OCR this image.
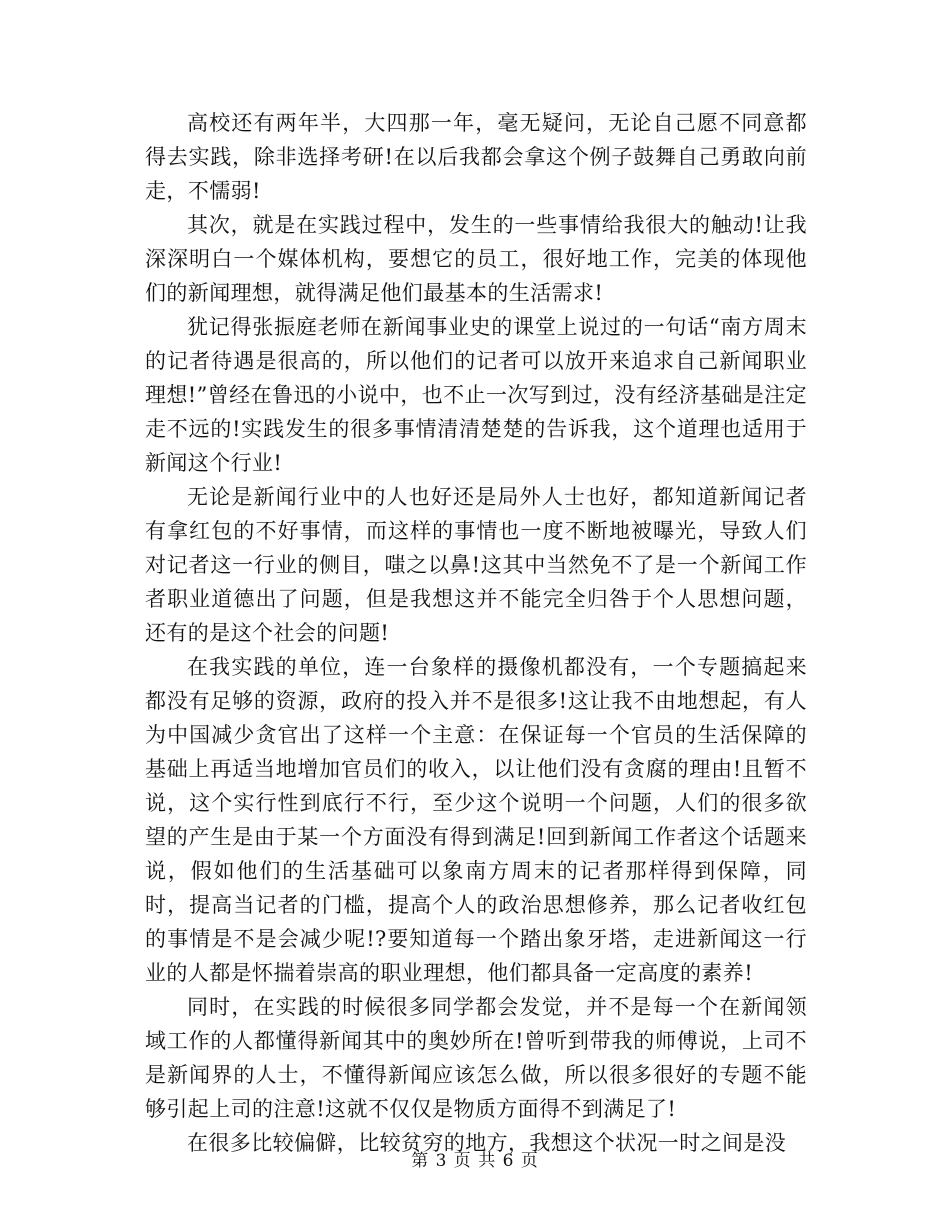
高校还有两年半，大四那一年，毫无疑问，无论自己愿不同意都得去实践，除非选择考研!在以后我都会拿这个例子鼓舞自己勇敢向前走，不懦弱!

其次，就是在实践过程中，发生的一些事情给我很大的触动!让我深深明白一个媒体机构，要想它的员工，很好地工作，完美的体现他们的新闻理想，就得满足他们最基本的生活需求!

犹记得张振庭老师在新闻事业史的课堂上说过的一句话“南方周末的记者待遇是很高的，所以他们的记者可以放开来追求自己新闻职业理想!”曾经在鲁迅的小说中，也不止一次写到过，没有经济基础是注定走不远的!实践发生的很多事情清清楚楚的告诉我，这个道理也适用于新闻这个行业!

无论是新闻行业中的人也好还是局外人士也好，都知道新闻记者有拿红包的不好事情，而这样的事情也一度不断地被曝光，导致人们对记者这一行业的侧目，嗤之以鼻!这其中当然免不了是一个新闻工作者职业道德出了问题，但是我想这并不能完全归咎于个人思想问题，还有的是这个社会的问题!

在我实践的单位，连一台象样的摄像机都没有，一个专题搞起来都没有足够的资源，政府的投入并不是很多!这让我不由地想起，有人为中国减少贪官出了这样一个主意：在保证每一个官员的生活保障的基础上再适当地增加官员们的收入，以让他们没有贪腐的理由!且暂不说，这个实行性到底行不行，至少这个说明一个问题，人们的很多欲望的产生是由于某一个方面没有得到满足!回到新闻工作者这个话题来说，假如他们的生活基础可以象南方周末的记者那样得到保障，同时，提高当记者的门槛，提高个人的政治思想修养，那么记者收红包的事情是不是会减少呢!?要知道每一个踏出象牙塔，走进新闻这一行业的人都是怀揣着崇高的职业理想，他们都具备一定高度的素养!

同时，在实践的时候很多同学都会发觉，并不是每一个在新闻领域工作的人都懂得新闻其中的奥妙所在!曾听到带我的师傅说，上司不是新闻界的人士，不懂得新闻应该怎么做，所以很多很好的专题不能够引起上司的注意!这就不仅仅是物质方面得不到满足了!

在很多比较偏僻，比较贫穷的地方，我想这个状况一时之间是没

第 3 页 共 6 页
